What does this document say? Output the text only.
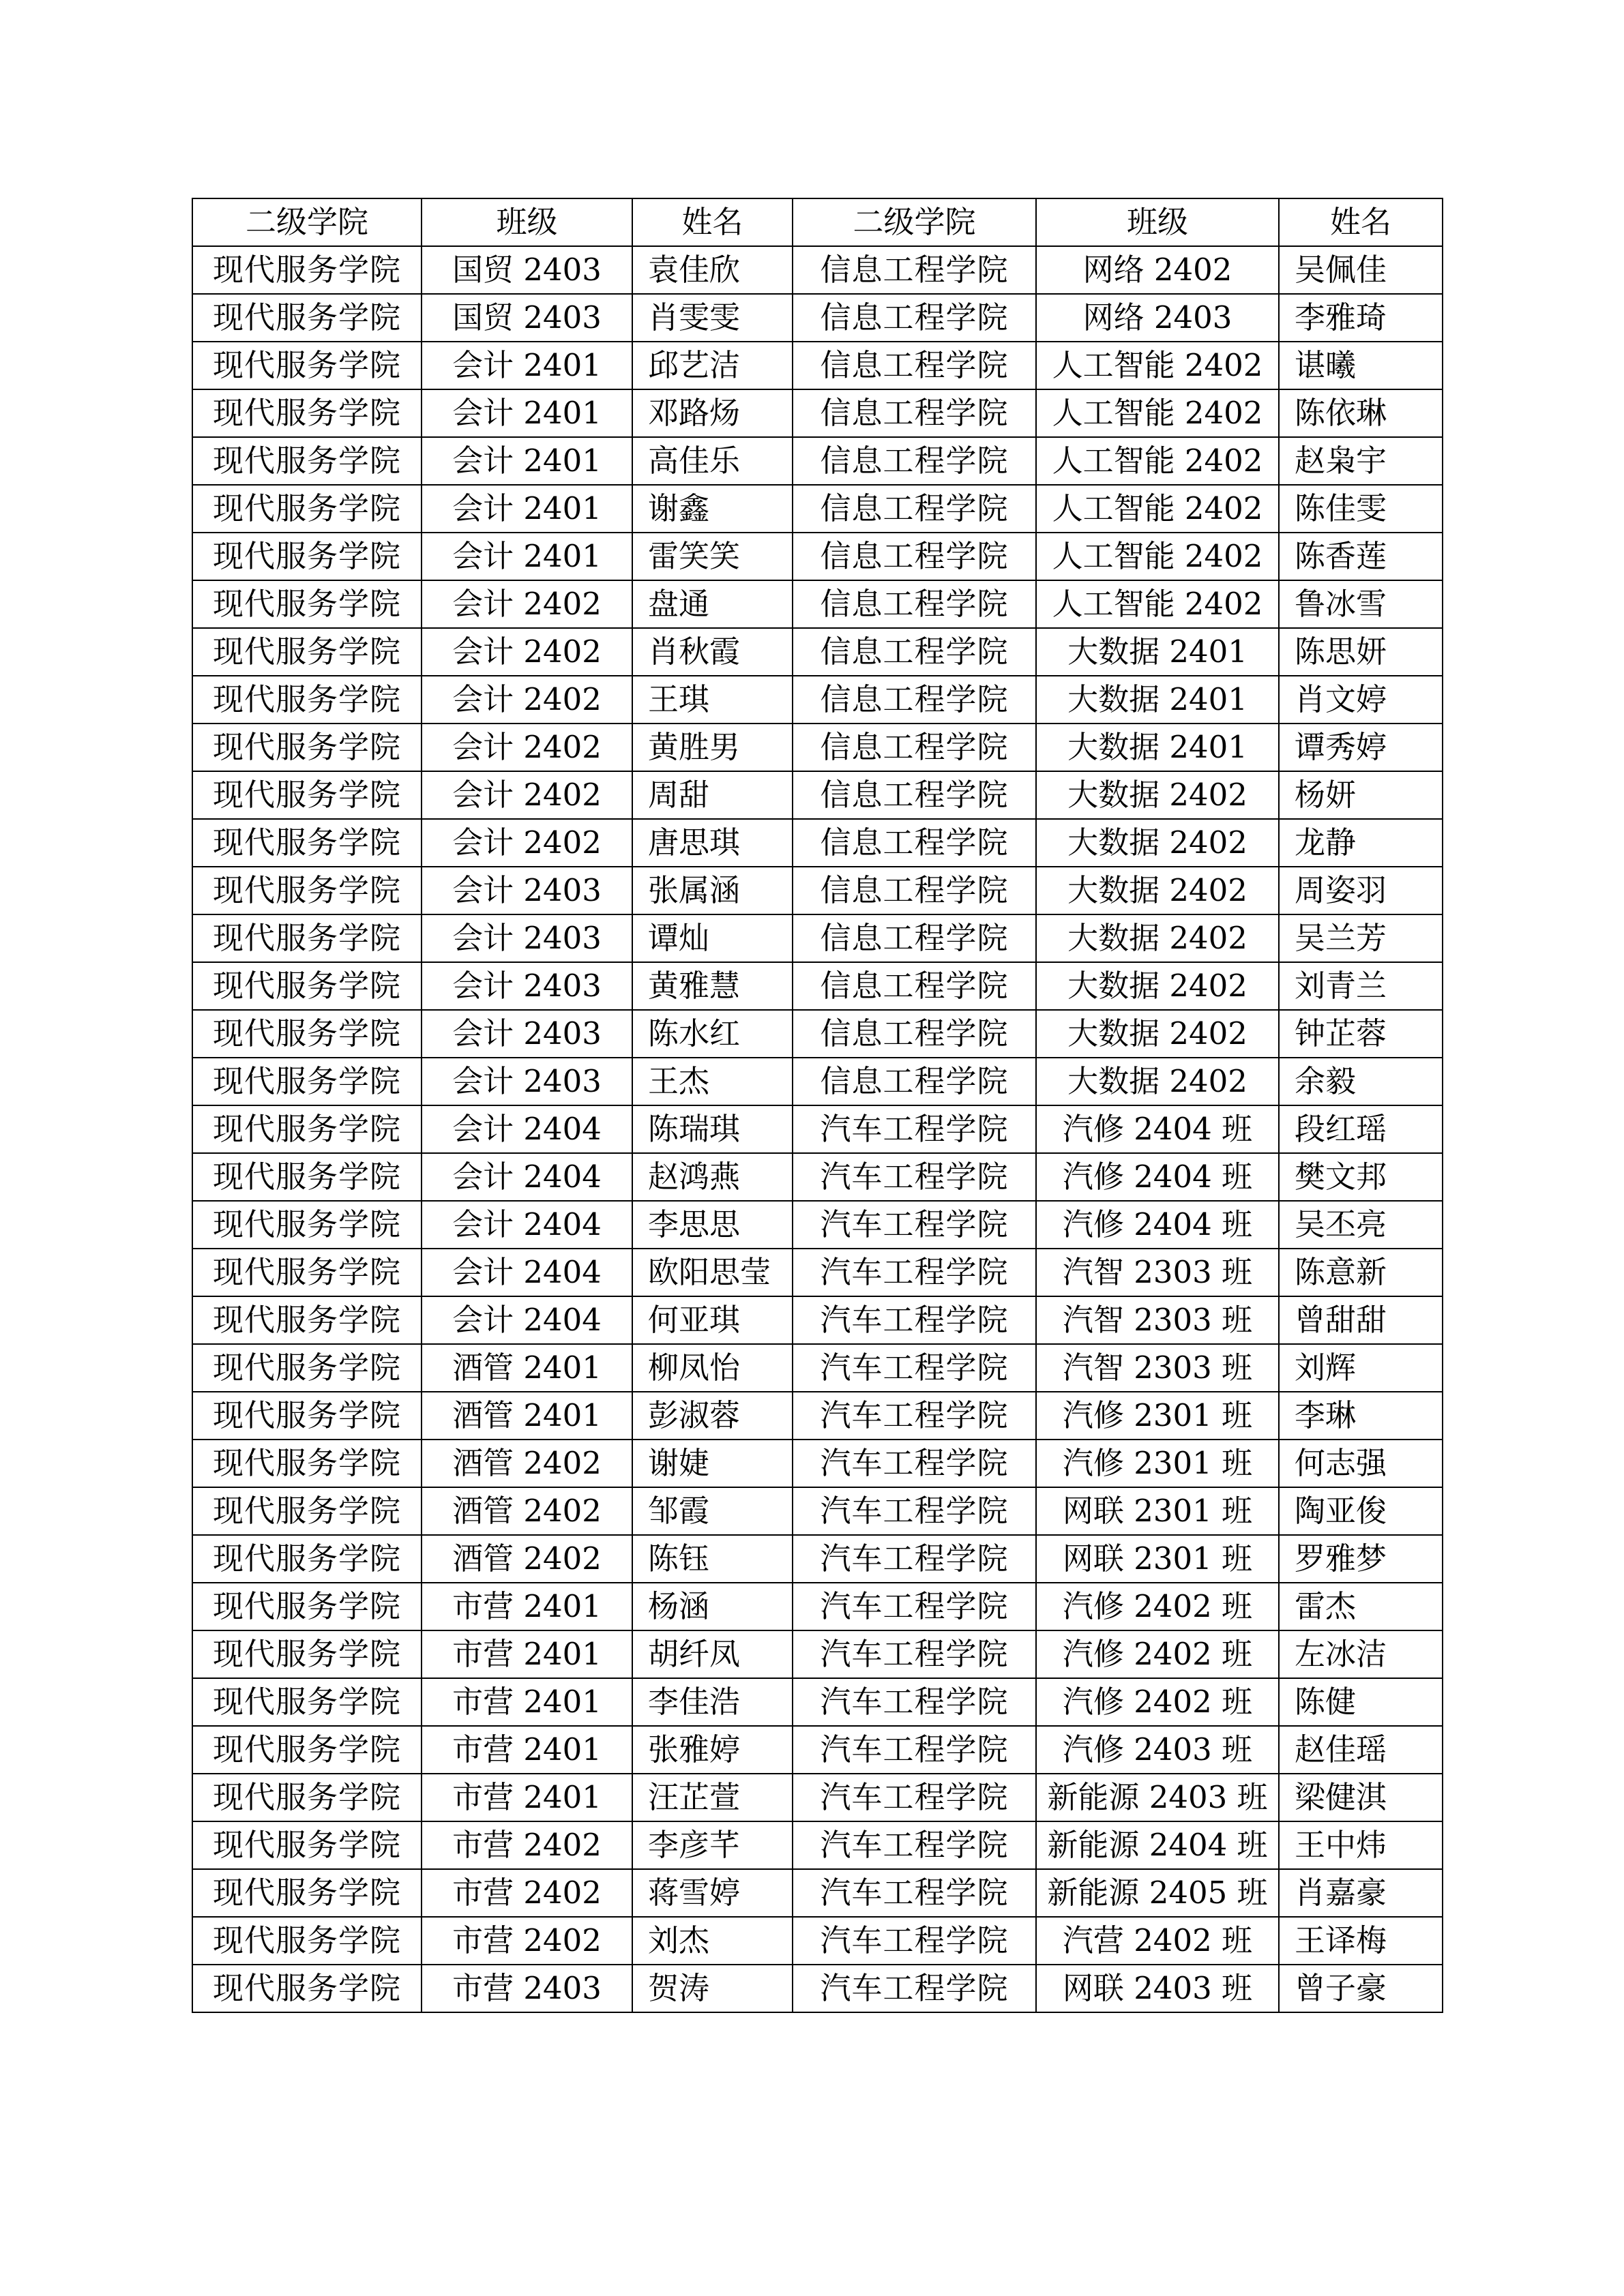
二级学院	班级	姓名	二级学院	班级	姓名
现代服务学院	国贸 2403	袁佳欣	信息工程学院	网络 2402	吴佩佳
现代服务学院	国贸 2403	肖雯雯	信息工程学院	网络 2403	李雅琦
现代服务学院	会计 2401	邱艺洁	信息工程学院	人工智能 2402	谌曦
现代服务学院	会计 2401	邓路炀	信息工程学院	人工智能 2402	陈依琳
现代服务学院	会计 2401	高佳乐	信息工程学院	人工智能 2402	赵枭宇
现代服务学院	会计 2401	谢鑫	信息工程学院	人工智能 2402	陈佳雯
现代服务学院	会计 2401	雷笑笑	信息工程学院	人工智能 2402	陈香莲
现代服务学院	会计 2402	盘通	信息工程学院	人工智能 2402	鲁冰雪
现代服务学院	会计 2402	肖秋霞	信息工程学院	大数据 2401	陈思妍
现代服务学院	会计 2402	王琪	信息工程学院	大数据 2401	肖文婷
现代服务学院	会计 2402	黄胜男	信息工程学院	大数据 2401	谭秀婷
现代服务学院	会计 2402	周甜	信息工程学院	大数据 2402	杨妍
现代服务学院	会计 2402	唐思琪	信息工程学院	大数据 2402	龙静
现代服务学院	会计 2403	张属涵	信息工程学院	大数据 2402	周姿羽
现代服务学院	会计 2403	谭灿	信息工程学院	大数据 2402	吴兰芳
现代服务学院	会计 2403	黄雅慧	信息工程学院	大数据 2402	刘青兰
现代服务学院	会计 2403	陈水红	信息工程学院	大数据 2402	钟芷蓉
现代服务学院	会计 2403	王杰	信息工程学院	大数据 2402	余毅
现代服务学院	会计 2404	陈瑞琪	汽车工程学院	汽修 2404 班	段红瑶
现代服务学院	会计 2404	赵鸿燕	汽车工程学院	汽修 2404 班	樊文邦
现代服务学院	会计 2404	李思思	汽车工程学院	汽修 2404 班	吴丕亮
现代服务学院	会计 2404	欧阳思莹	汽车工程学院	汽智 2303 班	陈意新
现代服务学院	会计 2404	何亚琪	汽车工程学院	汽智 2303 班	曾甜甜
现代服务学院	酒管 2401	柳凤怡	汽车工程学院	汽智 2303 班	刘辉
现代服务学院	酒管 2401	彭淑蓉	汽车工程学院	汽修 2301 班	李琳
现代服务学院	酒管 2402	谢婕	汽车工程学院	汽修 2301 班	何志强
现代服务学院	酒管 2402	邹霞	汽车工程学院	网联 2301 班	陶亚俊
现代服务学院	酒管 2402	陈钰	汽车工程学院	网联 2301 班	罗雅梦
现代服务学院	市营 2401	杨涵	汽车工程学院	汽修 2402 班	雷杰
现代服务学院	市营 2401	胡纤凤	汽车工程学院	汽修 2402 班	左冰洁
现代服务学院	市营 2401	李佳浩	汽车工程学院	汽修 2402 班	陈健
现代服务学院	市营 2401	张雅婷	汽车工程学院	汽修 2403 班	赵佳瑶
现代服务学院	市营 2401	汪芷萱	汽车工程学院	新能源 2403 班	梁健淇
现代服务学院	市营 2402	李彦芊	汽车工程学院	新能源 2404 班	王中炜
现代服务学院	市营 2402	蒋雪婷	汽车工程学院	新能源 2405 班	肖嘉豪
现代服务学院	市营 2402	刘杰	汽车工程学院	汽营 2402 班	王译梅
现代服务学院	市营 2403	贺涛	汽车工程学院	网联 2403 班	曾子豪
